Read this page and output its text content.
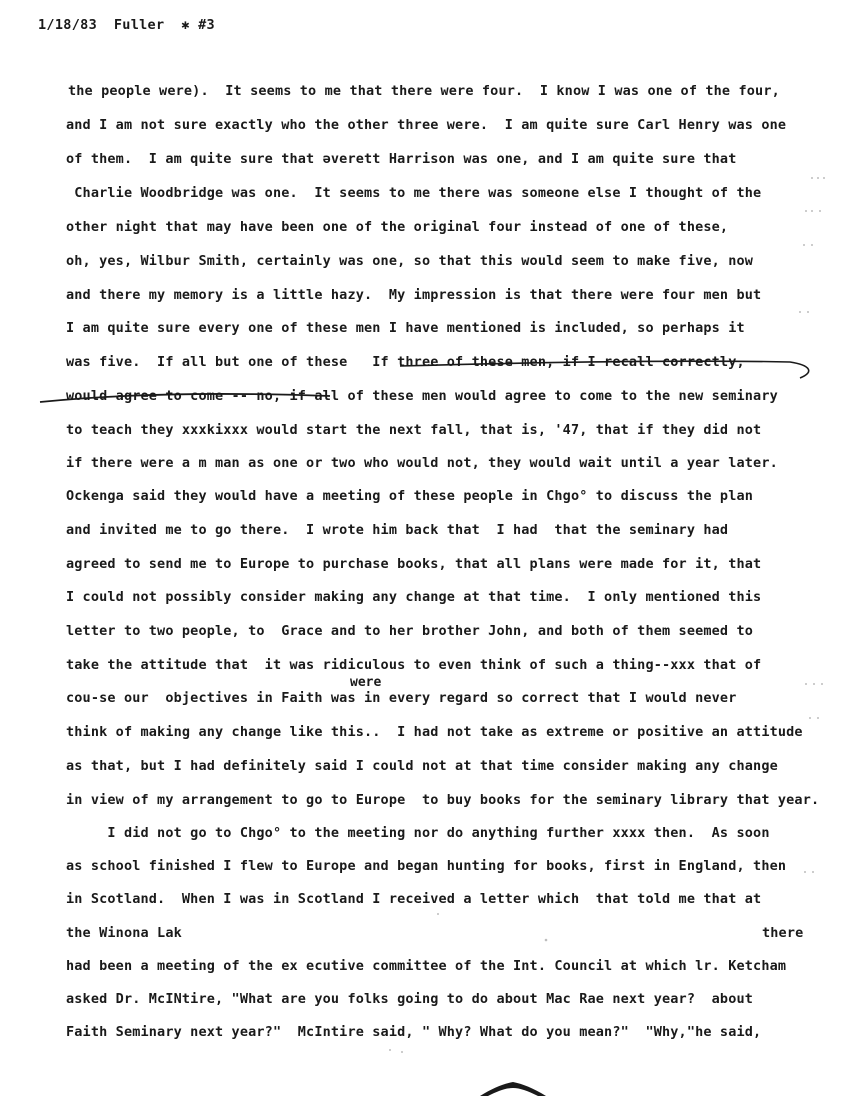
1/18/83  Fuller  ✱ #3
the people were).  It seems to me that there were four.  I know I was one of the four,
and I am not sure exactly who the other three were.  I am quite sure Carl Henry was one
of them.  I am quite sure that ǝverett Harrison was one, and I am quite sure that
Charlie Woodbridge was one.  It seems to me there was someone else I thought of the
other night that may have been one of the original four instead of one of these,
oh, yes, Wilbur Smith, certainly was one, so that this would seem to make five, now
and there my memory is a little hazy.  My impression is that there were four men but
I am quite sure every one of these men I have mentioned is included, so perhaps it
was five.  If all but one of these   If three of these men, if I recall correctly,
would agree to come -- no, if all of these men would agree to come to the new seminary
to teach they xxxkixxx would start the next fall, that is, '47, that if they did not
if there were a m man as one or two who would not, they would wait until a year later.
Ockenga said they would have a meeting of these people in Chgo° to discuss the plan
and invited me to go there.  I wrote him back that  I had  that the seminary had
agreed to send me to Europe to purchase books, that all plans were made for it, that
I could not possibly consider making any change at that time.  I only mentioned this
letter to two people, to  Grace and to her brother John, and both of them seemed to
take the attitude that  it was ridiculous to even think of such a thing--xxx that of
were
cou-se our  objectives in Faith was in every regard so correct that I would never
think of making any change like this..  I had not take as extreme or positive an attitude
as that, but I had definitely said I could not at that time consider making any change
in view of my arrangement to go to Europe  to buy books for the seminary library that year.
I did not go to Chgo° to the meeting nor do anything further xxxx then.  As soon
as school finished I flew to Europe and began hunting for books, first in England, then
in Scotland.  When I was in Scotland I received a letter which  that told me that at
the Winona Lak	there
had been a meeting of the ex ecutive committee of the Int. Council at which lr. Ketcham
asked Dr. McINtire, "What are you folks going to do about Mac Rae next year?  about
Faith Seminary next year?"  McIntire said, " Why? What do you mean?"  "Why,"he said,
